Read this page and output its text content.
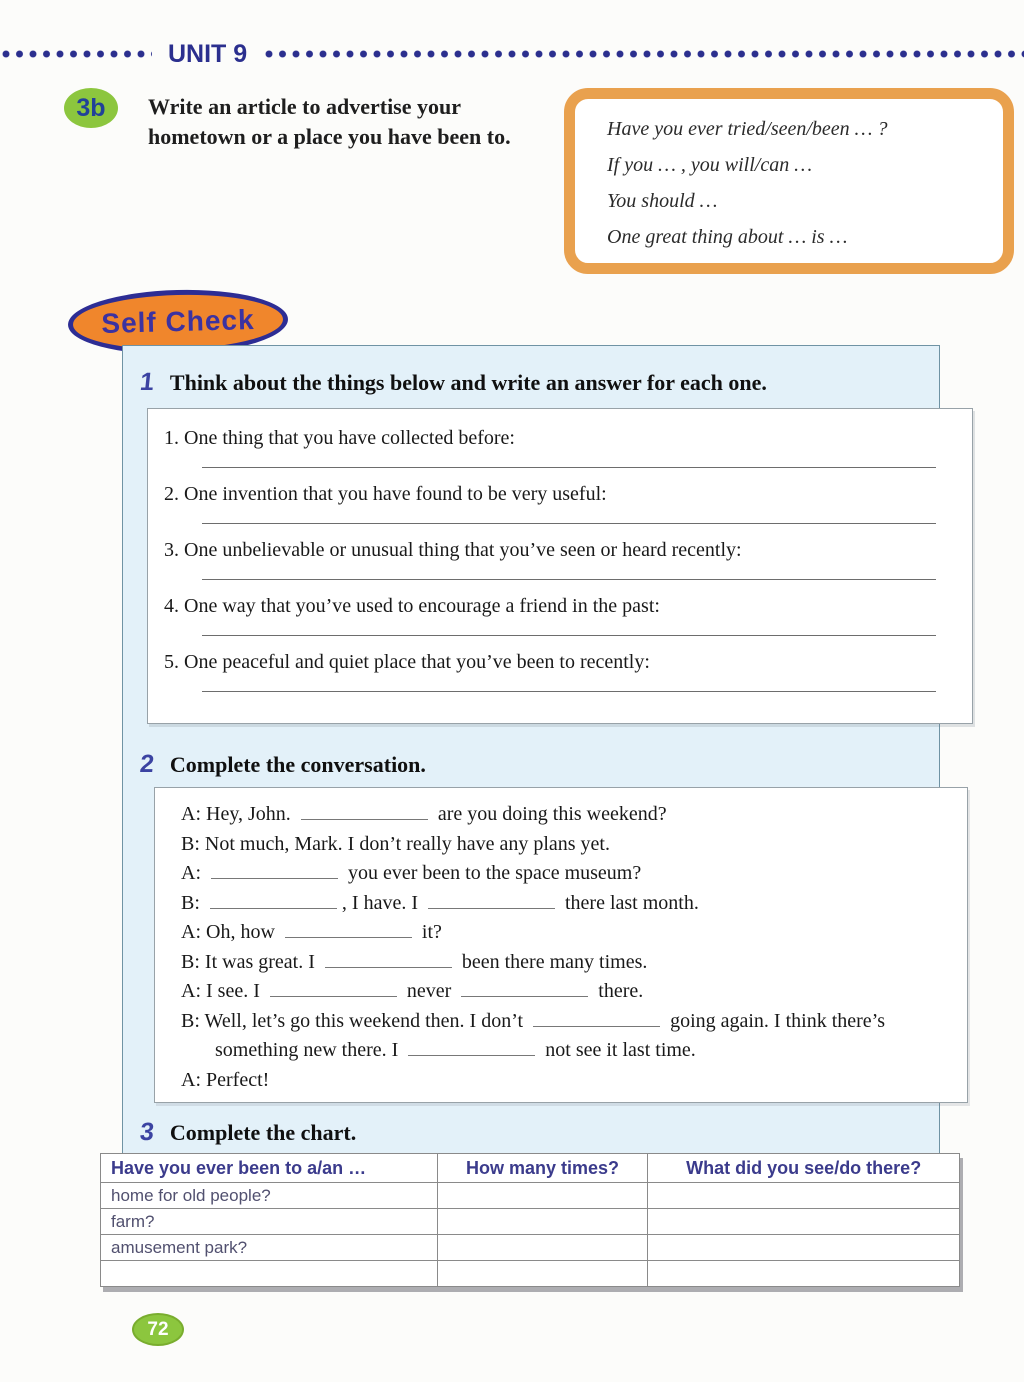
UNIT 9
3b	Write an article to advertise your hometown or a place you have been to.	Have you ever tried/seen/been … ?
If you … , you will/can …
You should …
One great thing about … is …
Self Check
1 Think about the things below and write an answer for each one.
1. One thing that you have collected before:
2. One invention that you have found to be very useful:
3. One unbelievable or unusual thing that you’ve seen or heard recently:
4. One way that you’ve used to encourage a friend in the past:
5. One peaceful and quiet place that you’ve been to recently:
2 Complete the conversation.
A: Hey, John.	are you doing this weekend?
B: Not much, Mark. I don’t really have any plans yet.
A:	you ever been to the space museum?
B:	, I have. I	there last month.
A: Oh, how	it?
B: It was great. I	been there many times.
A: I see. I	never	there.
B: Well, let’s go this weekend then. I don’t	going again. I think there’s something new there. I	not see it last time.
A: Perfect!
3 Complete the chart.
Have you ever been to a/an …	How many times?	What did you see/do there?
home for old people?		
farm?		
amusement park?		

72
